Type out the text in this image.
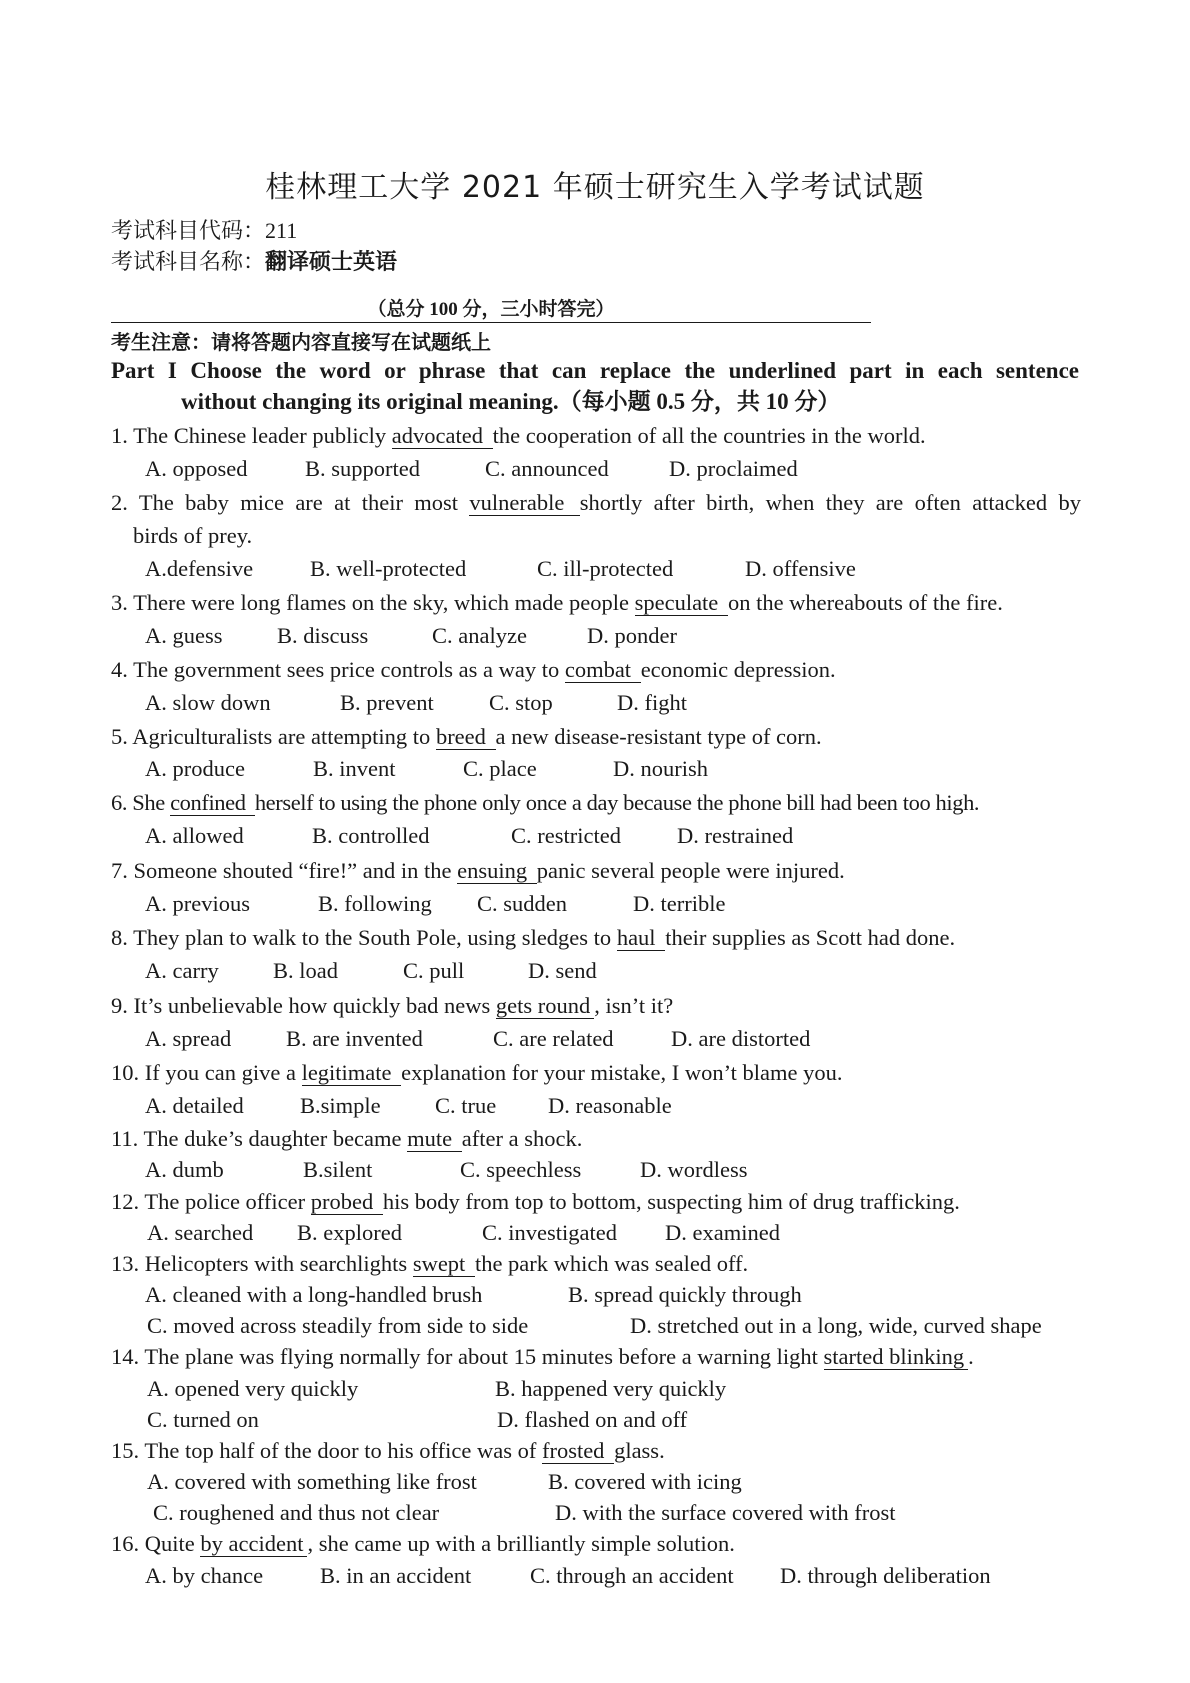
桂林理工大学 2021 年硕士研究生入学考试试题
考试科目代码：211
考试科目名称：翻译硕士英语
（总分 100 分，三小时答完）
考生注意：请将答题内容直接写在试题纸上
Part I Choose the word or phrase that can replace the underlined part in each sentence
without changing its original meaning.（每小题 0.5 分，共 10 分）
1. The Chinese leader publicly advocated the cooperation of all the countries in the world.
A. opposed	B. supported	C. announced	D. proclaimed
2. The baby mice are at their most vulnerable shortly after birth, when they are often attacked by
birds of prey.
A.defensive	B. well-protected	C. ill-protected	D. offensive
3. There were long flames on the sky, which made people speculate on the whereabouts of the fire.
A. guess B. discuss	C. analyze	D. ponder
4. The government sees price controls as a way to combat economic depression.
A. slow down	B. prevent C. stop	D. fight
5. Agriculturalists are attempting to breed a new disease-resistant type of corn.
A. produce	B. invent	C. place	D. nourish
6. She confined herself to using the phone only once a day because the phone bill had been too high.
A. allowed	B. controlled	C. restricted D. restrained
7. Someone shouted “fire!” and in the ensuing panic several people were injured.
A. previous	B. following C. sudden	D. terrible
8. They plan to walk to the South Pole, using sledges to haul their supplies as Scott had done.
A. carry B. load	C. pull	D. send
9. It’s unbelievable how quickly bad news gets round , isn’t it?
A. spread B. are invented	C. are related	D. are distorted
10. If you can give a legitimate explanation for your mistake, I won’t blame you.
A. detailed	B.simple C. true D. reasonable
11. The duke’s daughter became mute after a shock.
A. dumb	B.silent	C. speechless	D. wordless
12. The police officer probed his body from top to bottom, suspecting him of drug trafficking.
A. searched B. explored	C. investigated D. examined
13. Helicopters with searchlights swept the park which was sealed off.
A. cleaned with a long-handled brush	B. spread quickly through
C. moved across steadily from side to side	D. stretched out in a long, wide, curved shape
14. The plane was flying normally for about 15 minutes before a warning light started blinking .
A. opened very quickly	B. happened very quickly
C. turned on	D. flashed on and off
15. The top half of the door to his office was of frosted glass.
A. covered with something like frost	B. covered with icing
C. roughened and thus not clear	D. with the surface covered with frost
16. Quite by accident , she came up with a brilliantly simple solution.
A. by chance	B. in an accident	C. through an accident D. through deliberation
